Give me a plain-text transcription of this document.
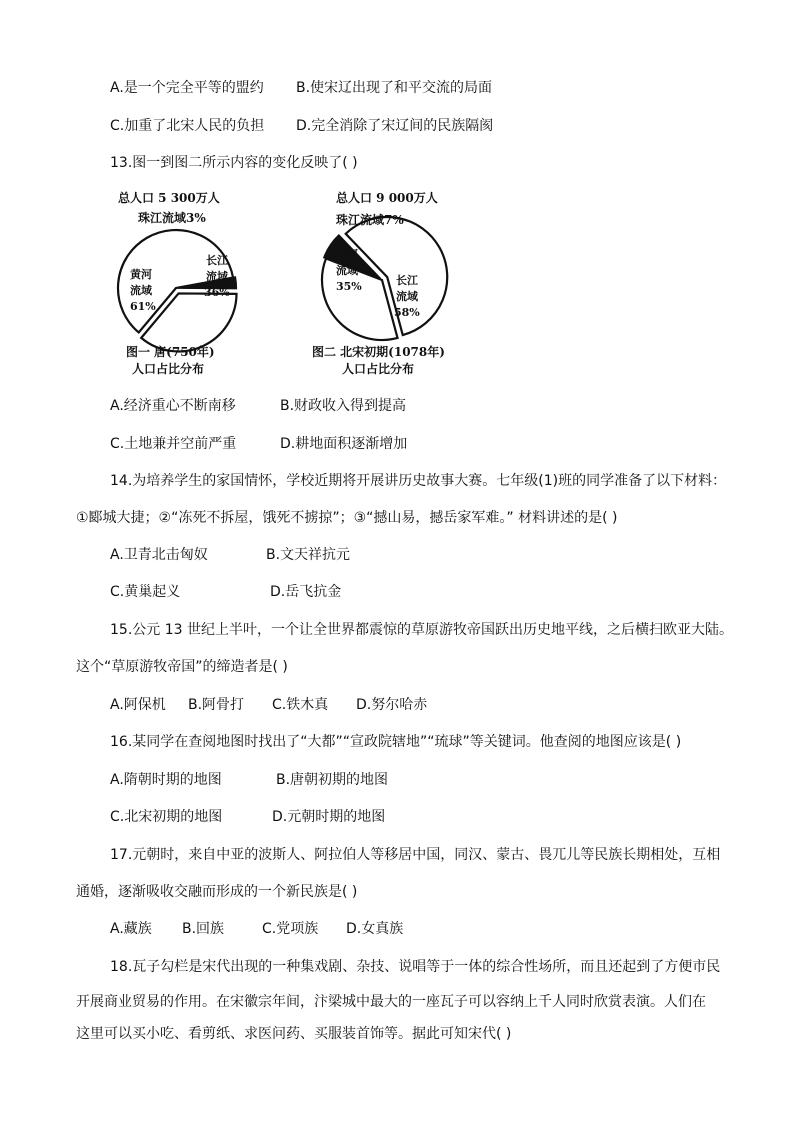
A.是一个完全平等的盟约 B.使宋辽出现了和平交流的局面
C.加重了北宋人民的负担 D.完全消除了宋辽间的民族隔阂
13.图一到图二所示内容的变化反映了( )
总人口 5 300万人
珠江流域3%
黄河
流域
61%
长江
流域
36%
图一 唐(750年)
人口占比分布
总人口 9 000万人
珠江流域7%
黄河
流域
35%	长江
流域
58%
图二 北宋初期(1078年)
人口占比分布
A.经济重心不断南移	B.财政收入得到提高
C.土地兼并空前严重	D.耕地面积逐渐增加
14.为培养学生的家国情怀，学校近期将开展讲历史故事大赛。七年级(1)班的同学准备了以下材料：
①郾城大捷；②“冻死不拆屋，饿死不掳掠”；③“撼山易，撼岳家军难。” 材料讲述的是( )
A.卫青北击匈奴	B.文天祥抗元
C.黄巢起义	D.岳飞抗金
15.公元 13 世纪上半叶，一个让全世界都震惊的草原游牧帝国跃出历史地平线，之后横扫欧亚大陆。
这个“草原游牧帝国”的缔造者是( )
A.阿保机 B.阿骨打 C.铁木真 D.努尔哈赤
16.某同学在查阅地图时找出了“大都”“宣政院辖地”“琉球”等关键词。他查阅的地图应该是( )
A.隋朝时期的地图	B.唐朝初期的地图
C.北宋初期的地图	D.元朝时期的地图
17.元朝时，来自中亚的波斯人、阿拉伯人等移居中国，同汉、蒙古、畏兀儿等民族长期相处，互相
通婚，逐渐吸收交融而形成的一个新民族是( )
A.藏族 B.回族	C.党项族 D.女真族
18.瓦子勾栏是宋代出现的一种集戏剧、杂技、说唱等于一体的综合性场所，而且还起到了方便市民
开展商业贸易的作用。在宋徽宗年间，汴梁城中最大的一座瓦子可以容纳上千人同时欣赏表演。人们在
这里可以买小吃、看剪纸、求医问药、买服装首饰等。据此可知宋代( )
